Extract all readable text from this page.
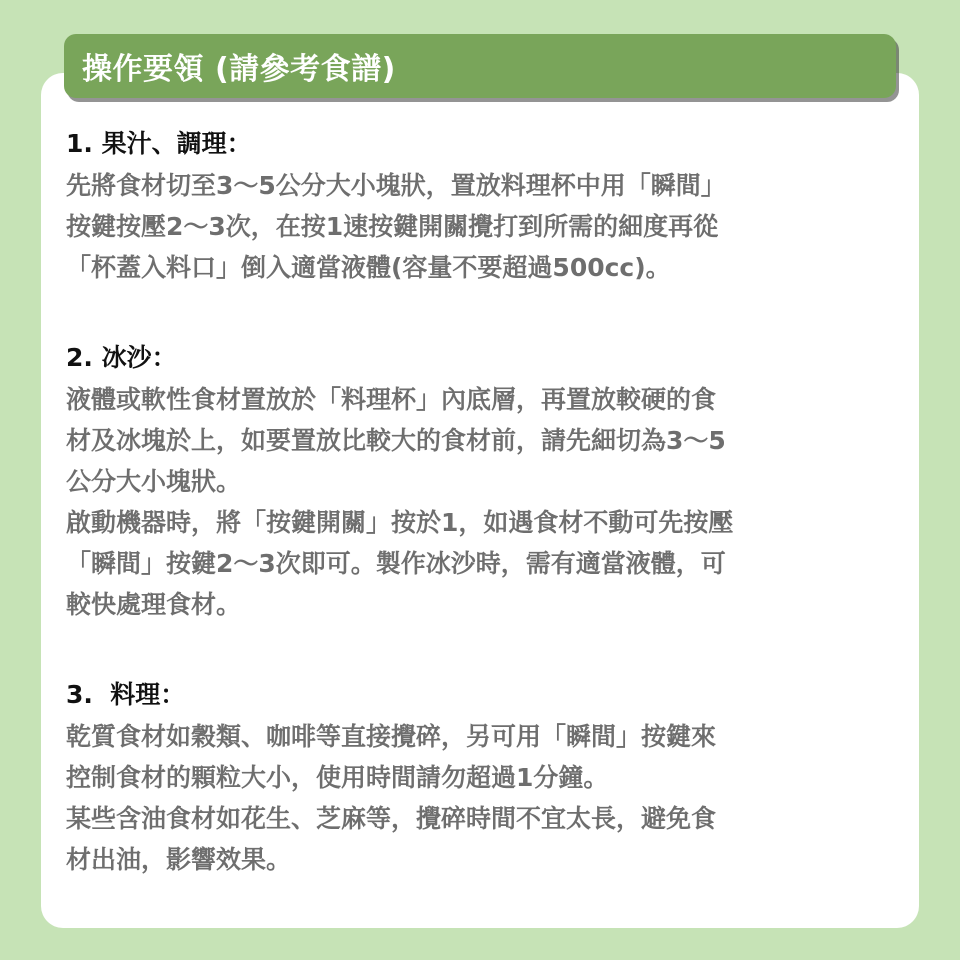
操作要領 (請參考食譜)
1. 果汁、調理：

先將食材切至3～5公分大小塊狀，置放料理杯中用「瞬間」
按鍵按壓2～3次，在按1速按鍵開關攪打到所需的細度再從
「杯蓋入料口」倒入適當液體(容量不要超過500cc)。

2. 冰沙：

液體或軟性食材置放於「料理杯」內底層，再置放較硬的食
材及冰塊於上，如要置放比較大的食材前，請先細切為3～5
公分大小塊狀。

啟動機器時，將「按鍵開關」按於1，如遇食材不動可先按壓
「瞬間」按鍵2～3次即可。製作冰沙時，需有適當液體，可
較快處理食材。

3.  料理：

乾質食材如穀類、咖啡等直接攪碎，另可用「瞬間」按鍵來
控制食材的顆粒大小，使用時間請勿超過1分鐘。

某些含油食材如花生、芝麻等，攪碎時間不宜太長，避免食
材出油，影響效果。
